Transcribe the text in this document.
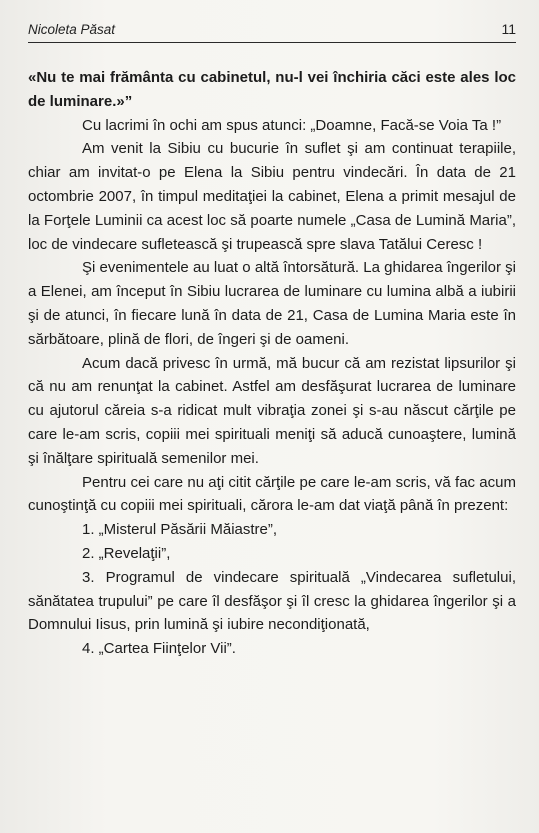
Nicoleta Păsat	11

«Nu te mai frământa cu cabinetul, nu-l vei închiria căci este ales loc de luminare.»”

Cu lacrimi în ochi am spus atunci: „Doamne, Facă-se Voia Ta !”

Am venit la Sibiu cu bucurie în suflet şi am continuat terapiile, chiar am invitat-o pe Elena la Sibiu pentru vindecări. În data de 21 octombrie 2007, în timpul meditaţiei la cabinet, Elena a primit mesajul de la Forţele Luminii ca acest loc să poarte numele „Casa de Lumină Maria”, loc de vindecare sufletească şi trupească spre slava Tatălui Ceresc !

Şi evenimentele au luat o altă întorsătură. La ghidarea îngerilor şi a Elenei, am început în Sibiu lucrarea de luminare cu lumina albă a iubirii şi de atunci, în fiecare lună în data de 21, Casa de Lumina Maria este în sărbătoare, plină de flori, de îngeri şi de oameni.

Acum dacă privesc în urmă, mă bucur că am rezistat lipsurilor şi că nu am renunţat la cabinet. Astfel am desfăşurat lucrarea de luminare cu ajutorul căreia s-a ridicat mult vibraţia zonei şi s-au născut cărţile pe care le-am scris, copiii mei spirituali meniţi să aducă cunoaştere, lumină şi înălţare spirituală semenilor mei.

Pentru cei care nu aţi citit cărţile pe care le-am scris, vă fac acum cunoştinţă cu copiii mei spirituali, cărora le-am dat viaţă până în prezent:

1. „Misterul Păsării Măiastre”,
2. „Revelaţii”,
3. Programul de vindecare spirituală „Vindecarea sufletului, sănătatea trupului” pe care îl desfăşor şi îl cresc la ghidarea îngerilor şi a Domnului Iisus, prin lumină şi iubire necondiţionată,
4. „Cartea Fiinţelor Vii”.
